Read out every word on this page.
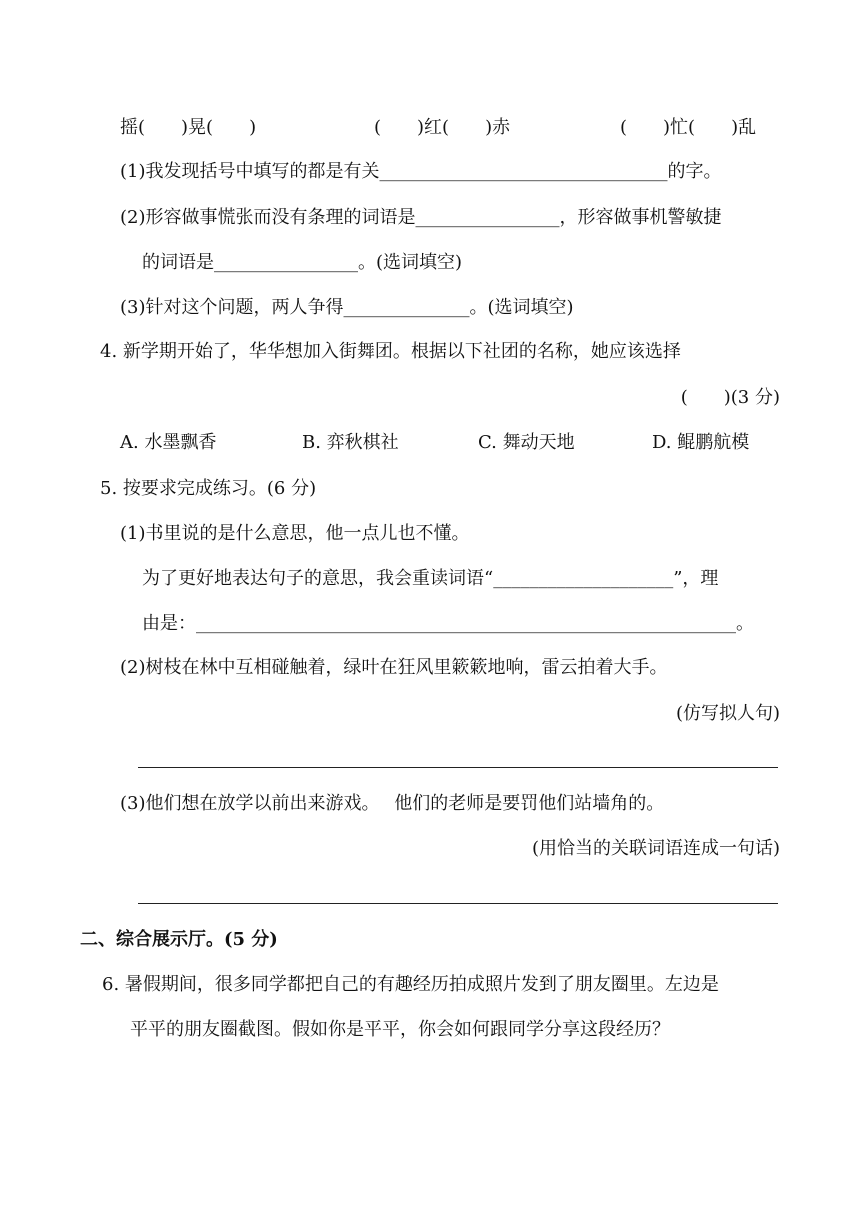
摇(　　)晃(　　)	(　　)红(　　)赤	(　　)忙(　　)乱
(1)我发现括号中填写的都是有关________________________________的字。
(2)形容做事慌张而没有条理的词语是________________，形容做事机警敏捷
的词语是________________。(选词填空)
(3)针对这个问题，两人争得______________。(选词填空)
4. 新学期开始了，华华想加入街舞团。根据以下社团的名称，她应该选择
(　　)(3 分)
A. 水墨飘香	B. 弈秋棋社	C. 舞动天地	D. 鲲鹏航模
5. 按要求完成练习。(6 分)
(1)书里说的是什么意思，他一点儿也不懂。
为了更好地表达句子的意思，我会重读词语“____________________”，理
由是：____________________________________________________________。
(2)树枝在林中互相碰触着，绿叶在狂风里簌簌地响，雷云拍着大手。
(仿写拟人句)
(3)他们想在放学以前出来游戏。　 他们的老师是要罚他们站墙角的。
(用恰当的关联词语连成一句话)
二、综合展示厅。(5 分)
6. 暑假期间，很多同学都把自己的有趣经历拍成照片发到了朋友圈里。左边是
平平的朋友圈截图。假如你是平平，你会如何跟同学分享这段经历？
